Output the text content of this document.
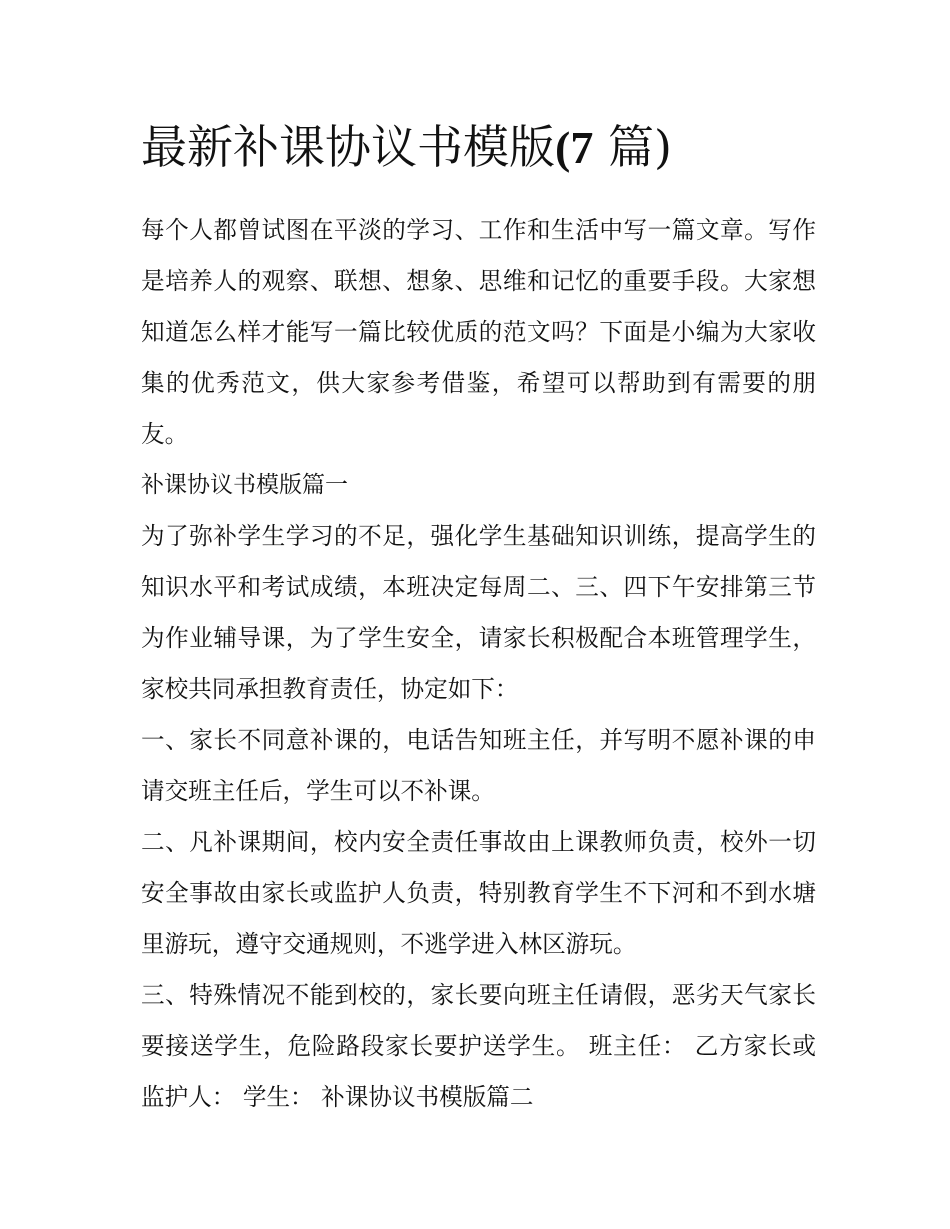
最新补课协议书模版(7 篇)

每个人都曾试图在平淡的学习、工作和生活中写一篇文章。写作是培养人的观察、联想、想象、思维和记忆的重要手段。大家想知道怎么样才能写一篇比较优质的范文吗？下面是小编为大家收集的优秀范文，供大家参考借鉴，希望可以帮助到有需要的朋友。

补课协议书模版篇一

为了弥补学生学习的不足，强化学生基础知识训练，提高学生的知识水平和考试成绩，本班决定每周二、三、四下午安排第三节为作业辅导课，为了学生安全，请家长积极配合本班管理学生，家校共同承担教育责任，协定如下：

一、家长不同意补课的，电话告知班主任，并写明不愿补课的申请交班主任后，学生可以不补课。

二、凡补课期间，校内安全责任事故由上课教师负责，校外一切安全事故由家长或监护人负责，特别教育学生不下河和不到水塘里游玩，遵守交通规则，不逃学进入林区游玩。

三、特殊情况不能到校的，家长要向班主任请假，恶劣天气家长要接送学生，危险路段家长要护送学生。 班主任： 乙方家长或监护人： 学生： 补课协议书模版篇二
